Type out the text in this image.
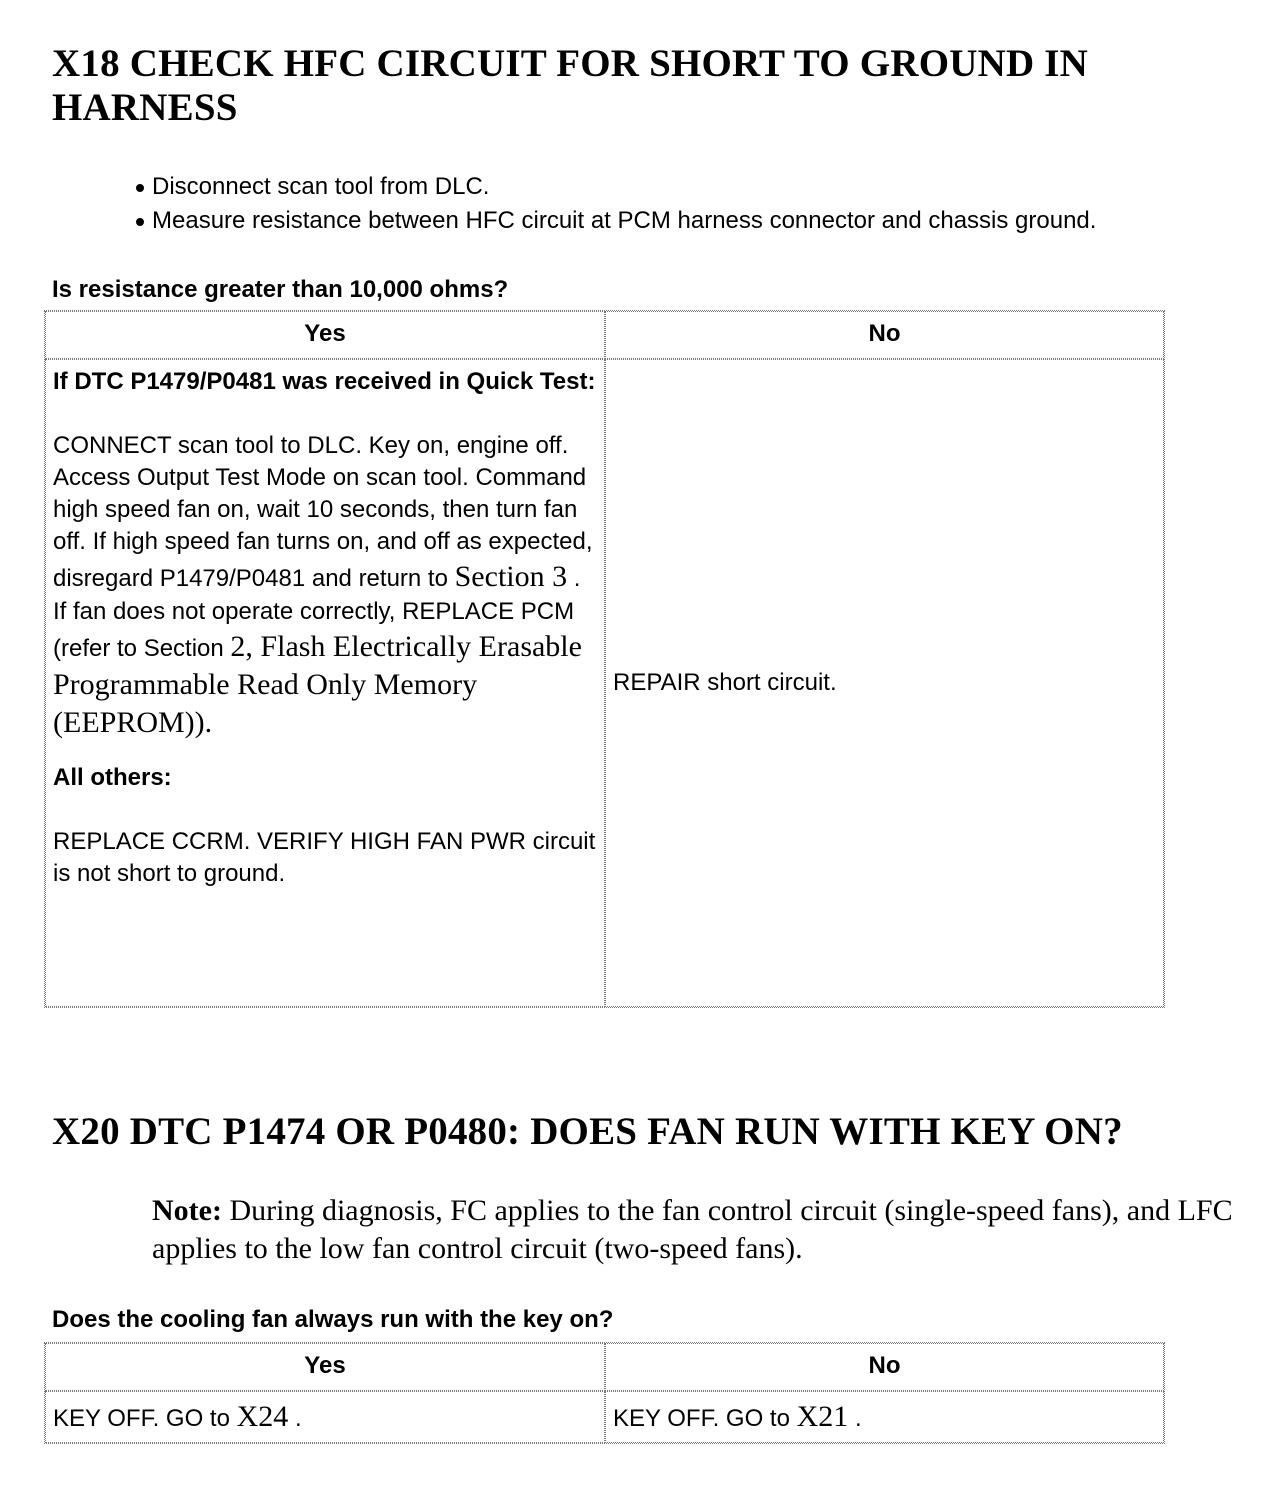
X18 CHECK HFC CIRCUIT FOR SHORT TO GROUND IN HARNESS
Disconnect scan tool from DLC.
Measure resistance between HFC circuit at PCM harness connector and chassis ground.

Is resistance greater than 10,000 ohms?

Yes	No

If DTC P1479/P0481 was received in Quick Test:

CONNECT scan tool to DLC. Key on, engine off. Access Output Test Mode on scan tool. Command high speed fan on, wait 10 seconds, then turn fan off. If high speed fan turns on, and off as expected, disregard P1479/P0481 and return to Section 3 . If fan does not operate correctly, REPLACE PCM (refer to Section 2, Flash Electrically Erasable Programmable Read Only Memory (EEPROM)).

All others:

REPLACE CCRM. VERIFY HIGH FAN PWR circuit is not short to ground.	REPAIR short circuit.
X20 DTC P1474 OR P0480: DOES FAN RUN WITH KEY ON?

Note: During diagnosis, FC applies to the fan control circuit (single-speed fans), and LFC applies to the low fan control circuit (two-speed fans).

Does the cooling fan always run with the key on?

Yes	No
KEY OFF. GO to X24 .	KEY OFF. GO to X21 .
